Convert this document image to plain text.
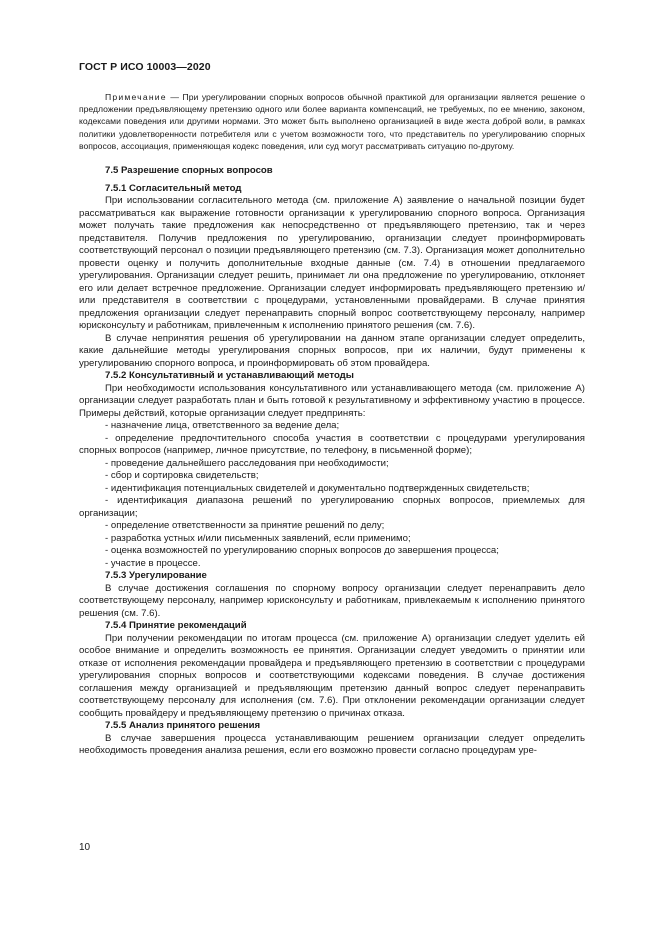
ГОСТ Р ИСО 10003—2020
Примечание — При урегулировании спорных вопросов обычной практикой для организации является решение о предложении предъявляющему претензию одного или более варианта компенсаций, не требуемых, по ее мнению, законом, кодексами поведения или другими нормами. Это может быть выполнено организацией в виде жеста доброй воли, в рамках политики удовлетворенности потребителя или с учетом возможности того, что представитель по урегулированию спорных вопросов, ассоциация, применяющая кодекс поведения, или суд могут рассматривать ситуацию по-другому.
7.5 Разрешение спорных вопросов
7.5.1 Согласительный метод

При использовании согласительного метода (см. приложение А) заявление о начальной позиции будет рассматриваться как выражение готовности организации к урегулированию спорного вопроса. Организация может получать такие предложения как непосредственно от предъявляющего претензию, так и через представителя. Получив предложения по урегулированию, организации следует проинформировать соответствующий персонал о позиции предъявляющего претензию (см. 7.3). Организация может дополнительно провести оценку и получить дополнительные входные данные (см. 7.4) в отношении предлагаемого урегулирования. Организации следует решить, принимает ли она предложение по урегулированию, отклоняет его или делает встречное предложение. Организации следует информировать предъявляющего претензию и/или представителя в соответствии с процедурами, установленными провайдерами. В случае принятия предложения организации следует перенаправить спорный вопрос соответствующему персоналу, например юрисконсульту и работникам, привлеченным к исполнению принятого решения (см. 7.6).

В случае непринятия решения об урегулировании на данном этапе организации следует определить, какие дальнейшие методы урегулирования спорных вопросов, при их наличии, будут применены к урегулированию спорного вопроса, и проинформировать об этом провайдера.

7.5.2 Консультативный и устанавливающий методы

При необходимости использования консультативного или устанавливающего метода (см. приложение А) организации следует разработать план и быть готовой к результативному и эффективному участию в процессе. Примеры действий, которые организации следует предпринять:

- назначение лица, ответственного за ведение дела;
- определение предпочтительного способа участия в соответствии с процедурами урегулирования спорных вопросов (например, личное присутствие, по телефону, в письменной форме);
- проведение дальнейшего расследования при необходимости;
- сбор и сортировка свидетельств;
- идентификация потенциальных свидетелей и документально подтвержденных свидетельств;
- идентификация диапазона решений по урегулированию спорных вопросов, приемлемых для организации;
- определение ответственности за принятие решений по делу;
- разработка устных и/или письменных заявлений, если применимо;
- оценка возможностей по урегулированию спорных вопросов до завершения процесса;
- участие в процессе.
7.5.3 Урегулирование

В случае достижения соглашения по спорному вопросу организации следует перенаправить дело соответствующему персоналу, например юрисконсульту и работникам, привлекаемым к исполнению принятого решения (см. 7.6).

7.5.4 Принятие рекомендаций

При получении рекомендации по итогам процесса (см. приложение А) организации следует уделить ей особое внимание и определить возможность ее принятия. Организации следует уведомить о принятии или отказе от исполнения рекомендации провайдера и предъявляющего претензию в соответствии с процедурами урегулирования спорных вопросов и соответствующими кодексами поведения. В случае достижения соглашения между организацией и предъявляющим претензию данный вопрос следует перенаправить соответствующему персоналу для исполнения (см. 7.6). При отклонении рекомендации организации следует сообщить провайдеру и предъявляющему претензию о причинах отказа.

7.5.5 Анализ принятого решения

В случае завершения процесса устанавливающим решением организации следует определить необходимость проведения анализа решения, если его возможно провести согласно процедурам уре-

10
